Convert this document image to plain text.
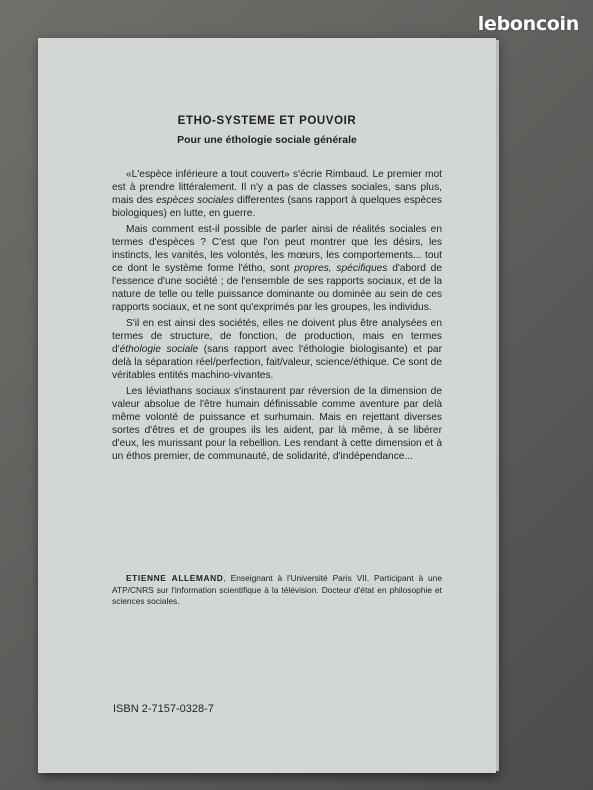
leboncoin
ETHO-SYSTEME ET POUVOIR
Pour une éthologie sociale générale

«L'espèce inférieure a tout couvert» s'écrie Rimbaud. Le premier mot est à prendre littéralement. Il n'y a pas de classes sociales, sans plus, mais des espèces sociales differentes (sans rapport à quelques espèces biologiques) en lutte, en guerre.

Mais comment est-il possible de parler ainsi de réalités sociales en termes d'espèces ? C'est que l'on peut montrer que les désirs, les instincts, les vanités, les volontés, les mœurs, les comportements... tout ce dont le système forme l'étho, sont propres, spécifiques d'abord de l'essence d'une société ; de l'ensemble de ses rapports sociaux, et de la nature de telle ou telle puissance dominante ou dominée au sein de ces rapports sociaux, et ne sont qu'exprimés par les groupes, les individus.

S'il en est ainsi des sociétés, elles ne doivent plus être analysées en termes de structure, de fonction, de production, mais en termes d'éthologie sociale (sans rapport avec l'éthologie biologisante) et par delà la séparation réel/perfection, fait/valeur, science/éthique. Ce sont de véritables entités machino-vivantes.

Les léviathans sociaux s'instaurent par réversion de la dimension de valeur absolue de l'être humain définissable comme aventure par delà même volonté de puissance et surhumain. Mais en rejettant diverses sortes d'êtres et de groupes ils les aident, par là même, à se libérer d'eux, les murissant pour la rebellion. Les rendant à cette dimension et à un éthos premier, de communauté, de solidarité, d'indépendance...

ETIENNE ALLEMAND, Enseignant à l'Université Paris VII. Participant à une ATP/CNRS sur l'information scientifique à la télévision. Docteur d'état en philosophie et sciences sociales.
ISBN 2-7157-0328-7
